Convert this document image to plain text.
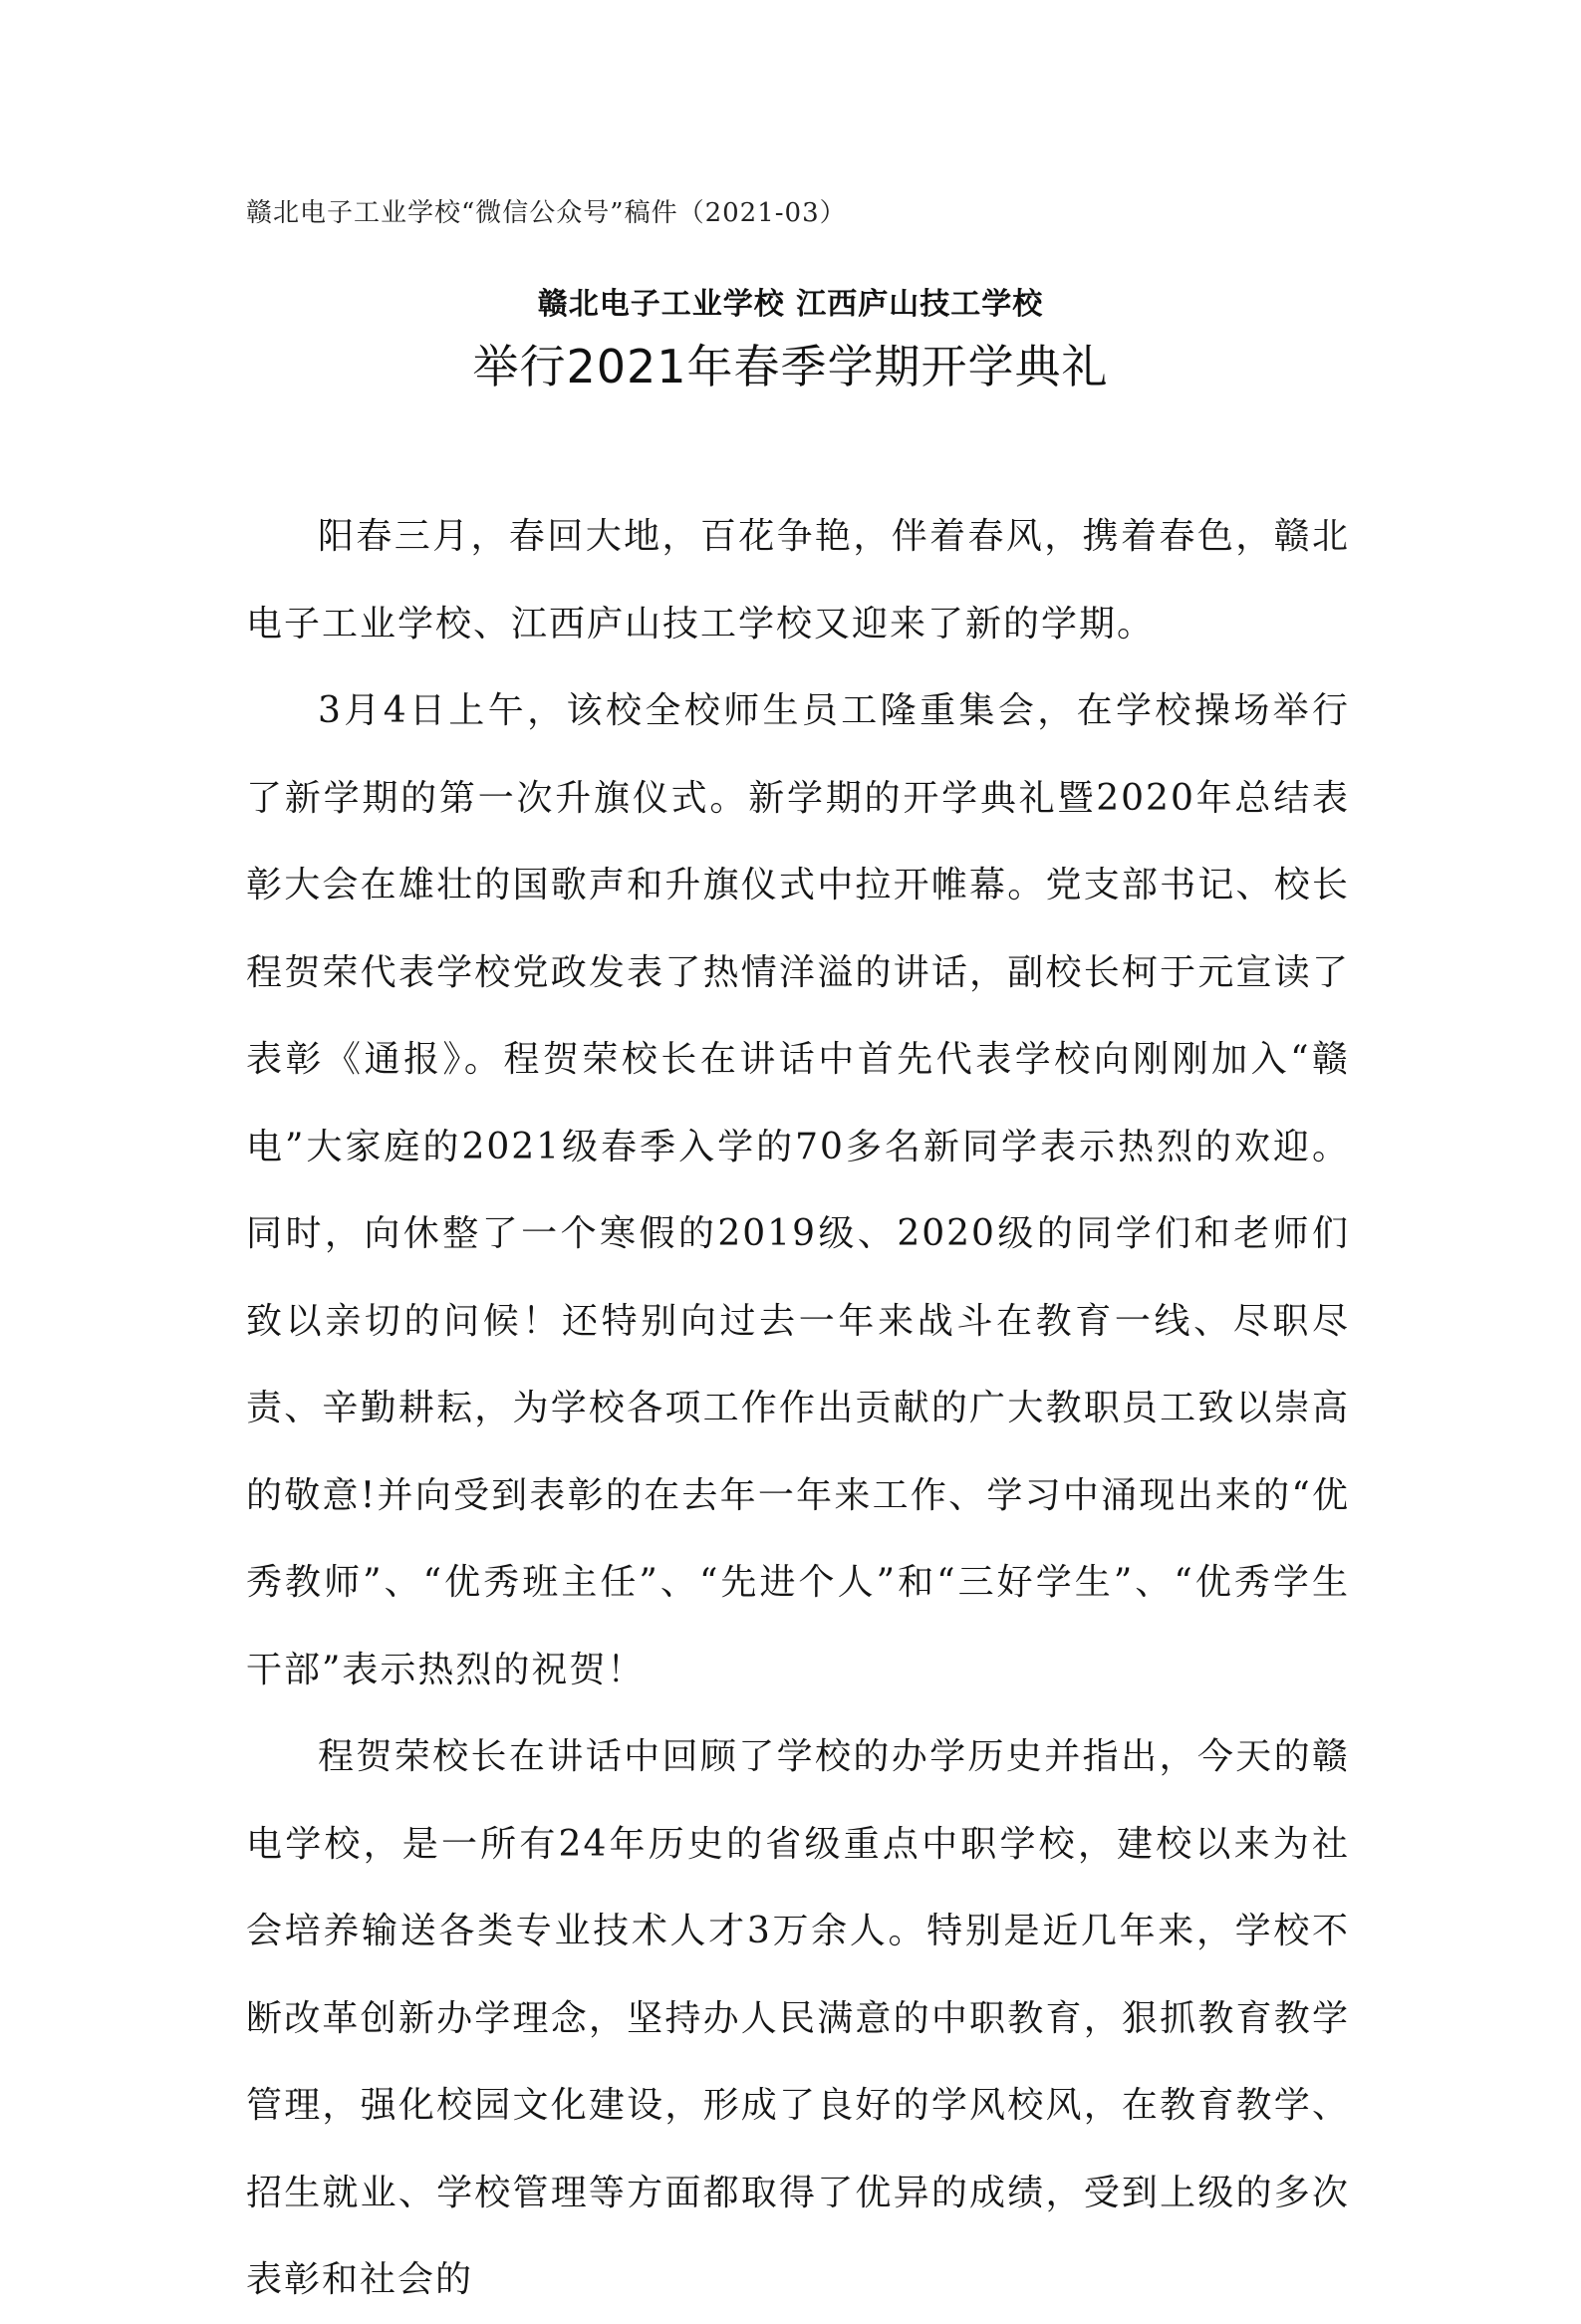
赣北电子工业学校“微信公众号”稿件（2021-03）
赣北电子工业学校 江西庐山技工学校
举行2021年春季学期开学典礼

阳春三月，春回大地，百花争艳，伴着春风，携着春色，赣北电子工业学校、江西庐山技工学校又迎来了新的学期。

3月4日上午，该校全校师生员工隆重集会，在学校操场举行了新学期的第一次升旗仪式。新学期的开学典礼暨2020年总结表彰大会在雄壮的国歌声和升旗仪式中拉开帷幕。党支部书记、校长程贺荣代表学校党政发表了热情洋溢的讲话，副校长柯于元宣读了表彰《通报》。程贺荣校长在讲话中首先代表学校向刚刚加入“赣电”大家庭的2021级春季入学的70多名新同学表示热烈的欢迎。同时，向休整了一个寒假的2019级、2020级的同学们和老师们致以亲切的问候！还特别向过去一年来战斗在教育一线、尽职尽责、辛勤耕耘，为学校各项工作作出贡献的广大教职员工致以崇高的敬意!并向受到表彰的在去年一年来工作、学习中涌现出来的“优秀教师”、“优秀班主任”、“先进个人”和“三好学生”、“优秀学生干部”表示热烈的祝贺！

程贺荣校长在讲话中回顾了学校的办学历史并指出，今天的赣电学校，是一所有24年历史的省级重点中职学校，建校以来为社会培养输送各类专业技术人才3万余人。特别是近几年来，学校不断改革创新办学理念，坚持办人民满意的中职教育，狠抓教育教学管理，强化校园文化建设，形成了良好的学风校风，在教育教学、招生就业、学校管理等方面都取得了优异的成绩，受到上级的多次表彰和社会的
